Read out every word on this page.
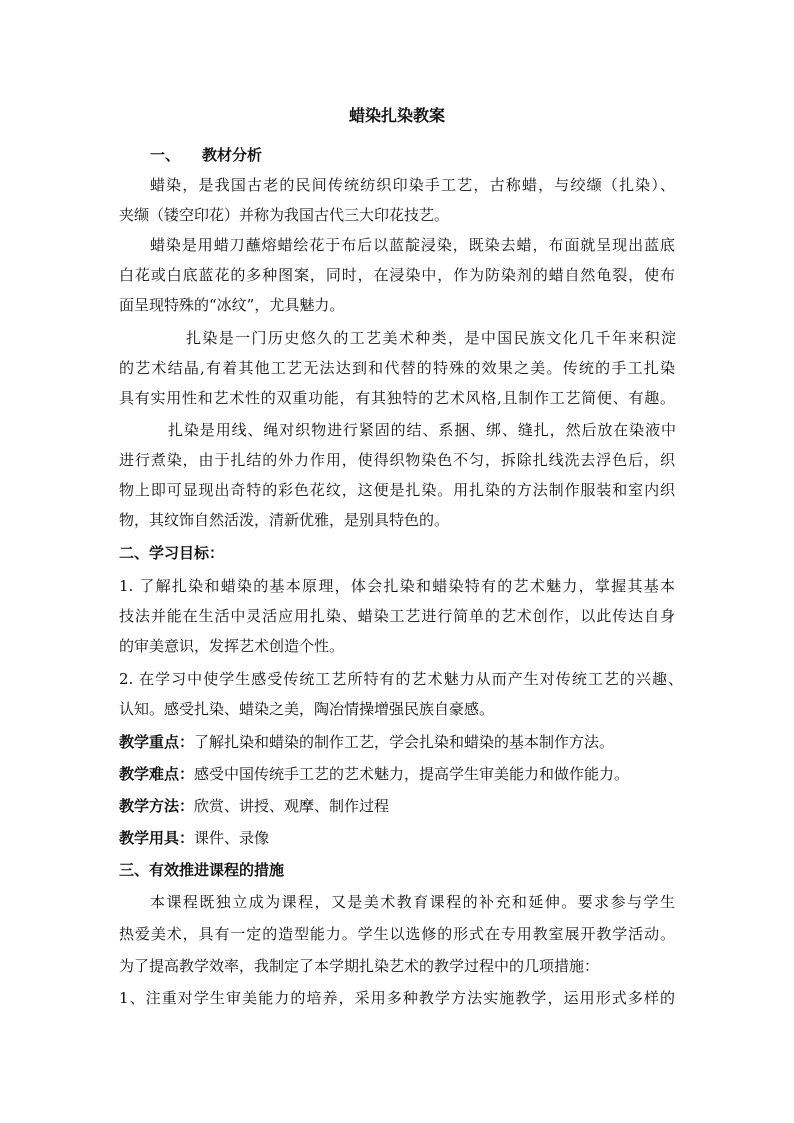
蜡染扎染教案
一、 教材分析
蜡染，是我国古老的民间传统纺织印染手工艺，古称蜡，与绞缬（扎染）、
夹缬（镂空印花）并称为我国古代三大印花技艺。
蜡染是用蜡刀蘸熔蜡绘花于布后以蓝靛浸染，既染去蜡，布面就呈现出蓝底
白花或白底蓝花的多种图案，同时，在浸染中，作为防染剂的蜡自然龟裂，使布
面呈现特殊的“冰纹”，尤具魅力。
扎染是一门历史悠久的工艺美术种类，是中国民族文化几千年来积淀
的艺术结晶,有着其他工艺无法达到和代替的特殊的效果之美。传统的手工扎染
具有实用性和艺术性的双重功能，有其独特的艺术风格,且制作工艺简便、有趣。
扎染是用线、绳对织物进行紧固的结、系捆、绑、缝扎，然后放在染液中
进行煮染，由于扎结的外力作用，使得织物染色不匀，拆除扎线洗去浮色后，织
物上即可显现出奇特的彩色花纹，这便是扎染。用扎染的方法制作服装和室内织
物，其纹饰自然活泼，清新优雅，是别具特色的。
二、学习目标：
1. 了解扎染和蜡染的基本原理，体会扎染和蜡染特有的艺术魅力，掌握其基本
技法并能在生活中灵活应用扎染、蜡染工艺进行简单的艺术创作，以此传达自身
的审美意识，发挥艺术创造个性。
2. 在学习中使学生感受传统工艺所特有的艺术魅力从而产生对传统工艺的兴趣、
认知。感受扎染、蜡染之美，陶冶情操增强民族自豪感。
教学重点：了解扎染和蜡染的制作工艺，学会扎染和蜡染的基本制作方法。
教学难点：感受中国传统手工艺的艺术魅力，提高学生审美能力和做作能力。
教学方法：欣赏、讲授、观摩、制作过程
教学用具：课件、录像
三、有效推进课程的措施
本课程既独立成为课程，又是美术教育课程的补充和延伸。要求参与学生
热爱美术，具有一定的造型能力。学生以选修的形式在专用教室展开教学活动。
为了提高教学效率，我制定了本学期扎染艺术的教学过程中的几项措施：
1、注重对学生审美能力的培养，采用多种教学方法实施教学，运用形式多样的
